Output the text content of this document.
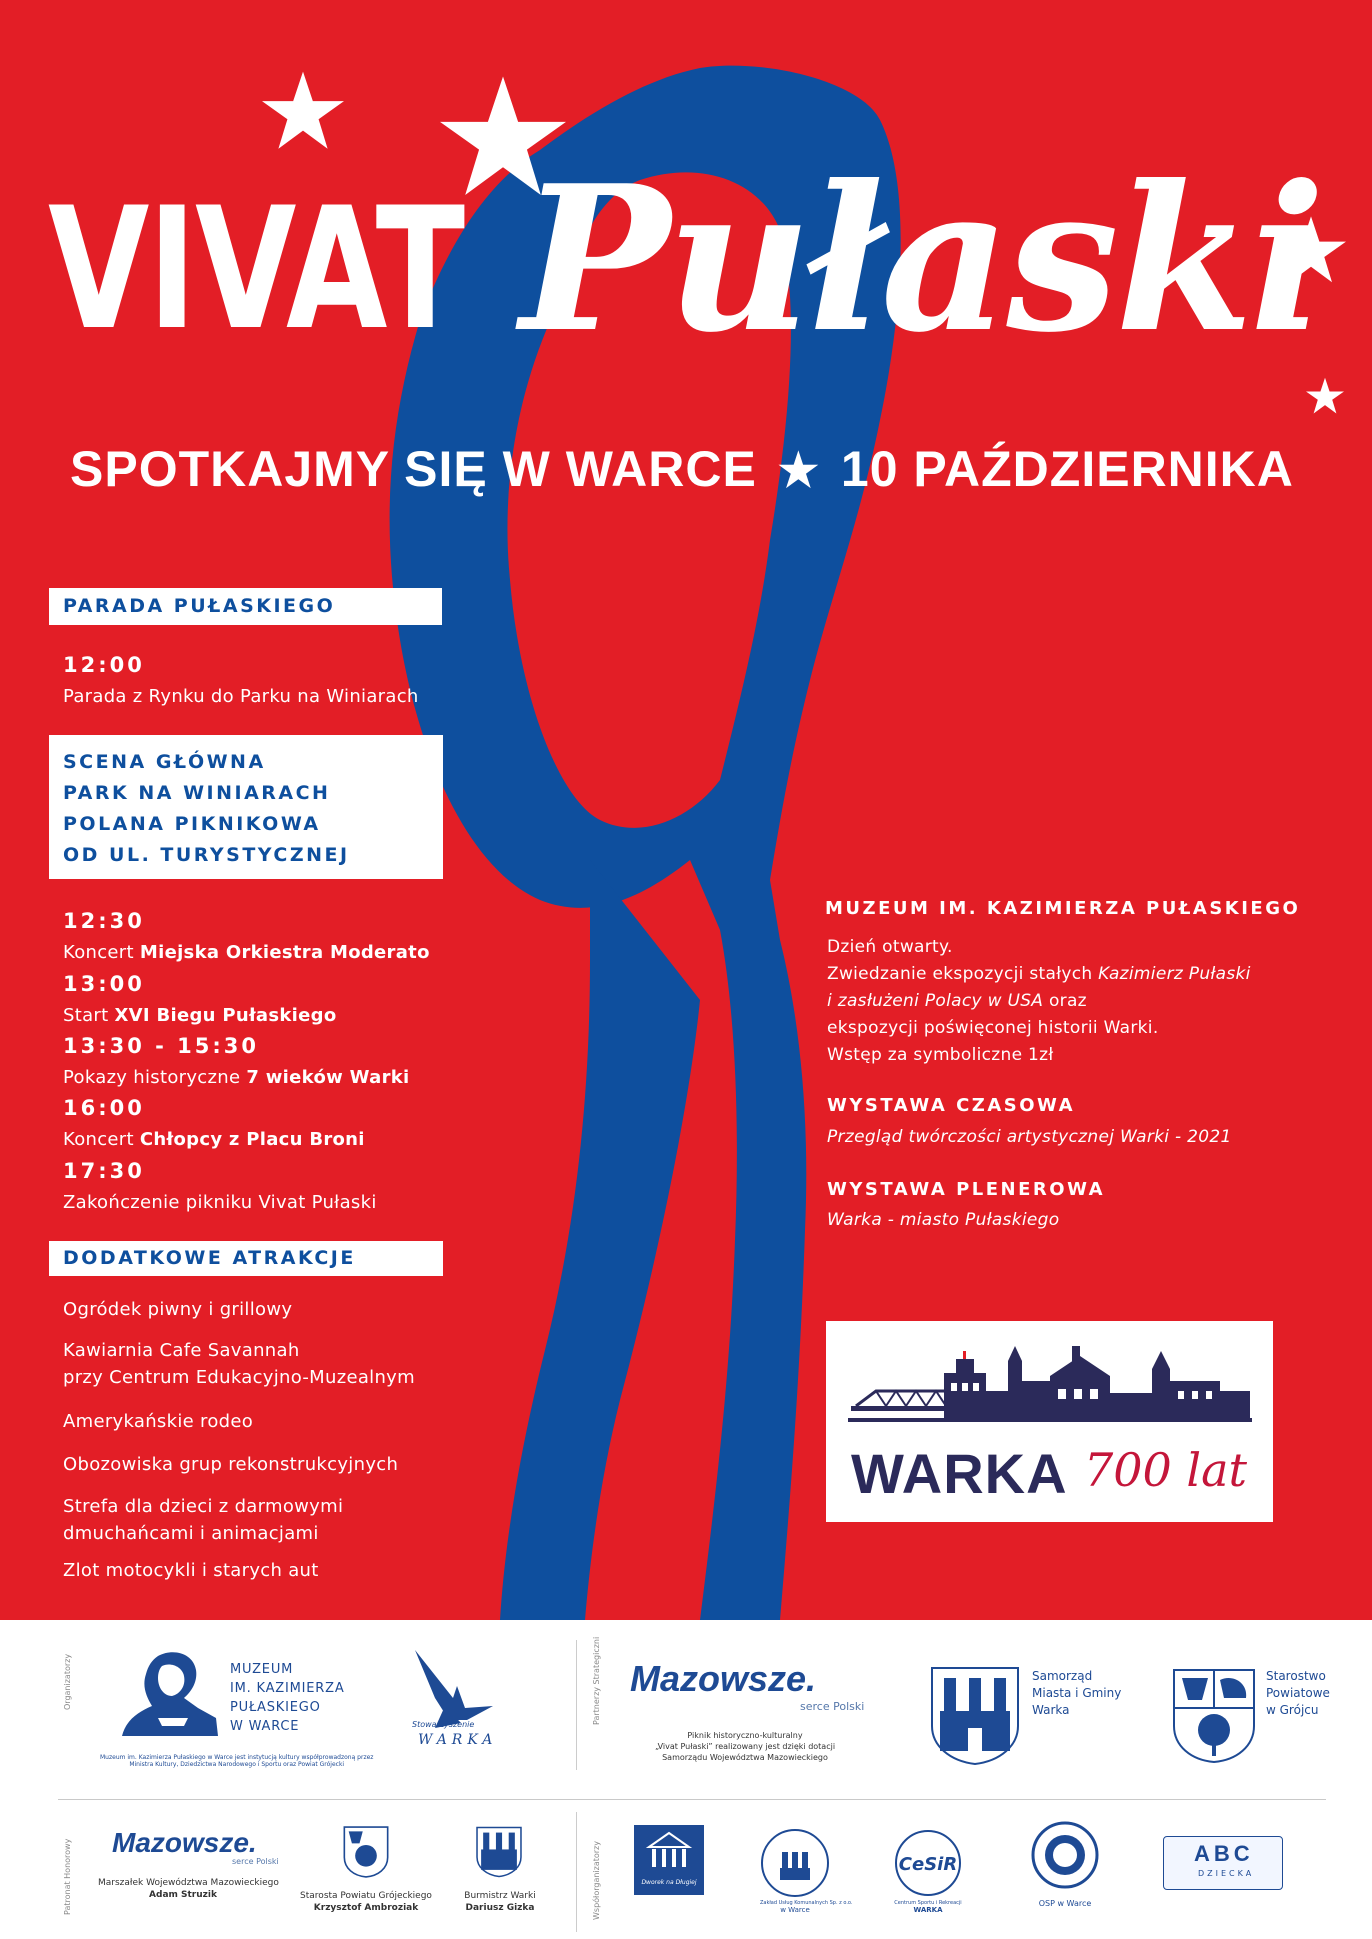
VIVAT Pułaski
SPOTKAJMY SIĘ W WARCE ★ 10 PAŹDZIERNIKA
PARADA PUŁASKIEGO
12:00
Parada z Rynku do Parku na Winiarach
SCENA GŁÓWNA
PARK NA WINIARACH
POLANA PIKNIKOWA
OD UL. TURYSTYCZNEJ
12:30
Koncert Miejska Orkiestra Moderato
13:00
Start XVI Biegu Pułaskiego
13:30 - 15:30
Pokazy historyczne 7 wieków Warki
16:00
Koncert Chłopcy z Placu Broni
17:30
Zakończenie pikniku Vivat Pułaski
DODATKOWE ATRAKCJE
Ogródek piwny i grillowy
Kawiarnia Cafe Savannah
przy Centrum Edukacyjno-Muzealnym
Amerykańskie rodeo
Obozowiska grup rekonstrukcyjnych
Strefa dla dzieci z darmowymi
dmuchańcami i animacjami
Zlot motocykli i starych aut
MUZEUM IM. KAZIMIERZA PUŁASKIEGO
Dzień otwarty.
Zwiedzanie ekspozycji stałych Kazimierz Pułaski
i zasłużeni Polacy w USA oraz
ekspozycji poświęconej historii Warki.
Wstęp za symboliczne 1zł
WYSTAWA CZASOWA
Przegląd twórczości artystycznej Warki - 2021
WYSTAWA PLENEROWA
Warka - miasto Pułaskiego
WARKA 700 lat
Organizatorzy	Partnerzy Strategiczni
MUZEUM
IM. KAZIMIERZA
PUŁASKIEGO
W WARCE
Muzeum im. Kazimierza Pułaskiego w Warce jest instytucją kultury współprowadzoną przez
Ministra Kultury, Dziedzictwa Narodowego i Sportu oraz Powiat Grójecki
Stowarzyszenie
WARKA
Mazowsze.
serce Polski
Piknik historyczno-kulturalny
„Vivat Pułaski” realizowany jest dzięki dotacji
Samorządu Województwa Mazowieckiego
Samorząd
Miasta i Gminy
Warka
Starostwo
Powiatowe
w Grójcu
Patronat Honorowy	Współorganizatorzy
Mazowsze.
serce Polski
Marszałek Województwa Mazowieckiego
Adam Struzik	Starosta Powiatu Grójeckiego
Krzysztof Ambroziak
Burmistrz Warki
Dariusz Gizka
Dworek na Długiej
Zakład Usług Komunalnych Sp. z o.o.
w Warce
CeSiR
Centrum Sportu i Rekreacji
WARKA
OSP w Warce
ABC
DZIECKA
